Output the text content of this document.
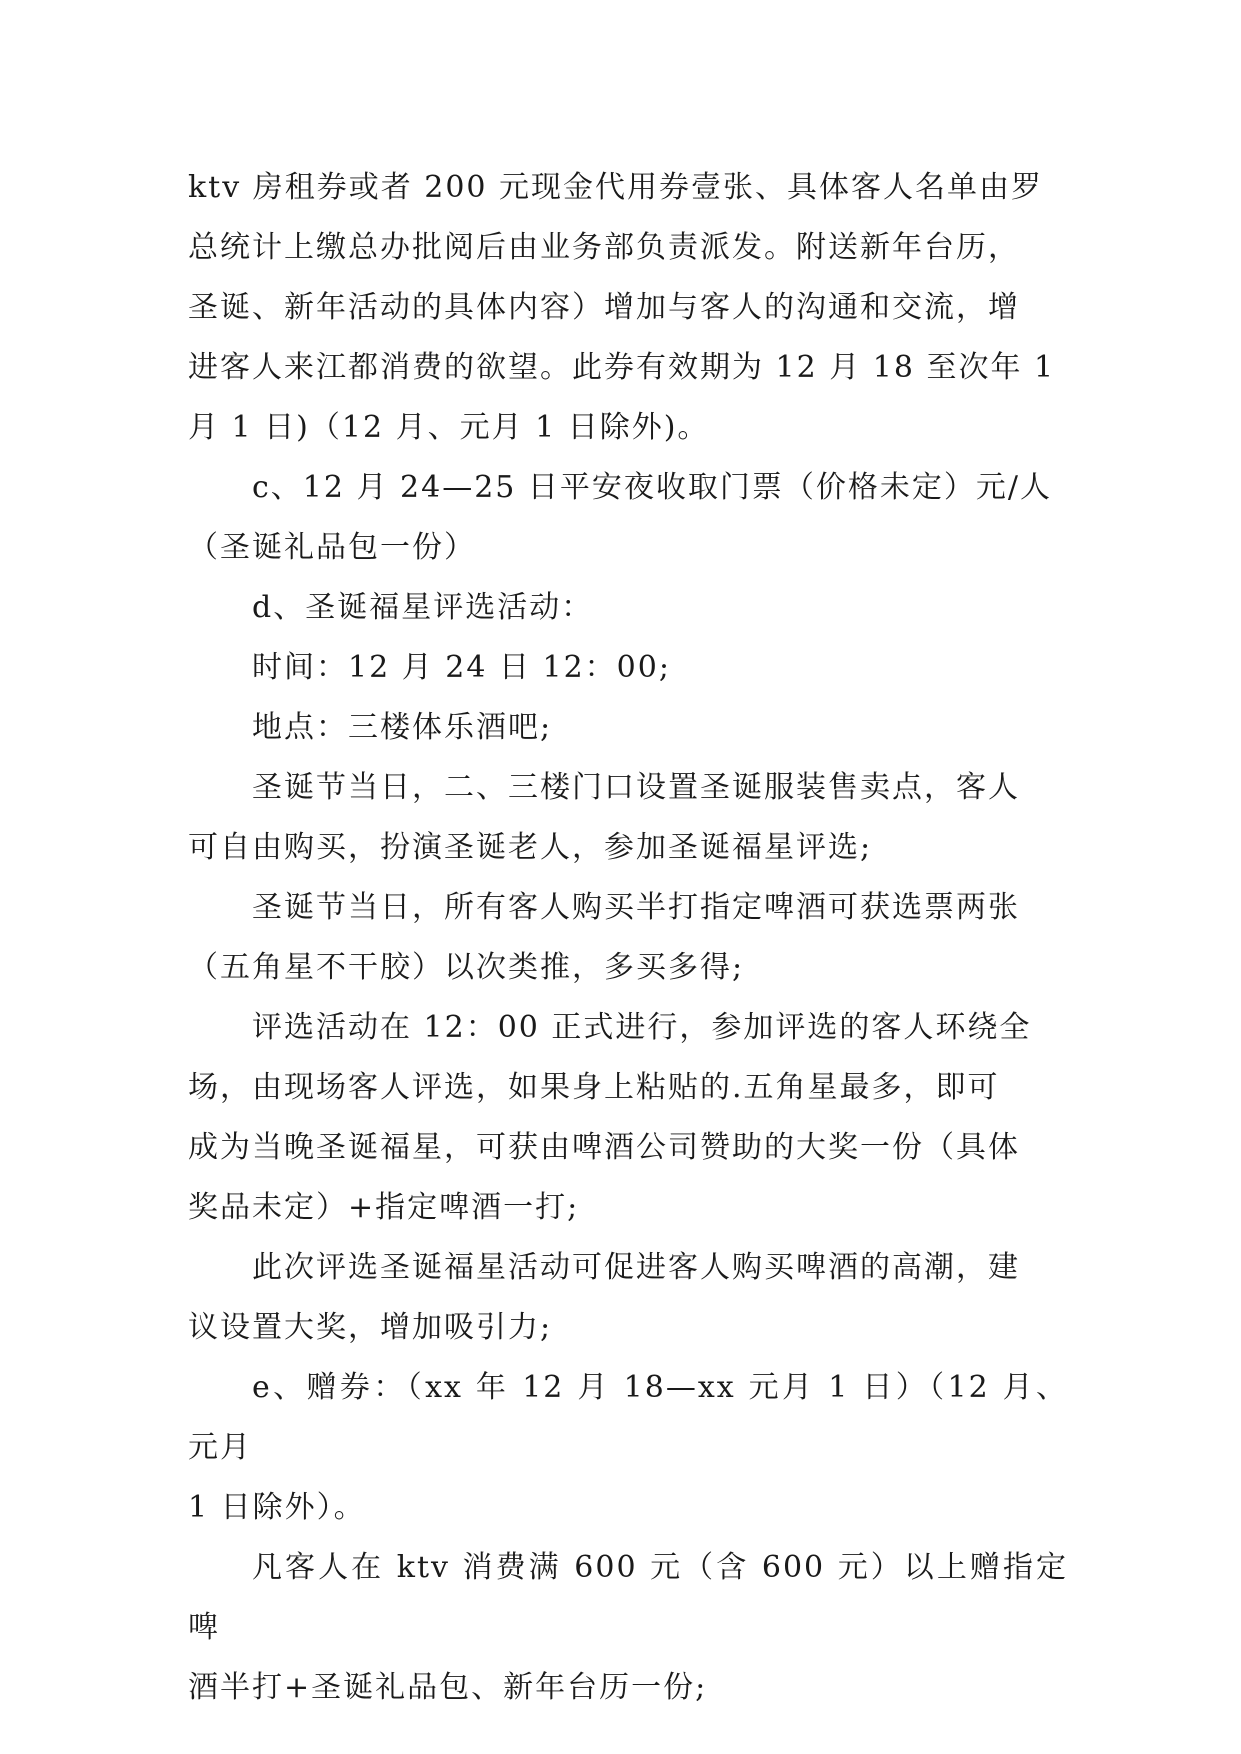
ktv 房租券或者 200 元现金代用券壹张、具体客人名单由罗
总统计上缴总办批阅后由业务部负责派发。附送新年台历，
圣诞、新年活动的具体内容）增加与客人的沟通和交流，增
进客人来江都消费的欲望。此券有效期为 12 月 18 至次年 1
月 1 日)（12 月、元月 1 日除外)。

c、12 月 24—25 日平安夜收取门票（价格未定）元/人
（圣诞礼品包一份）

d、圣诞福星评选活动：

时间：12 月 24 日 12：00;

地点：三楼体乐酒吧;

圣诞节当日，二、三楼门口设置圣诞服装售卖点，客人
可自由购买，扮演圣诞老人，参加圣诞福星评选;

圣诞节当日，所有客人购买半打指定啤酒可获选票两张
（五角星不干胶）以次类推，多买多得;

评选活动在 12：00 正式进行，参加评选的客人环绕全
场，由现场客人评选，如果身上粘贴的.五角星最多，即可
成为当晚圣诞福星，可获由啤酒公司赞助的大奖一份（具体
奖品未定）+指定啤酒一打;

此次评选圣诞福星活动可促进客人购买啤酒的高潮，建
议设置大奖，增加吸引力;

e、赠券：（xx 年 12 月 18—xx 元月 1 日）（12 月、元月
1 日除外）。

凡客人在 ktv 消费满 600 元（含 600 元）以上赠指定啤
酒半打+圣诞礼品包、新年台历一份;
